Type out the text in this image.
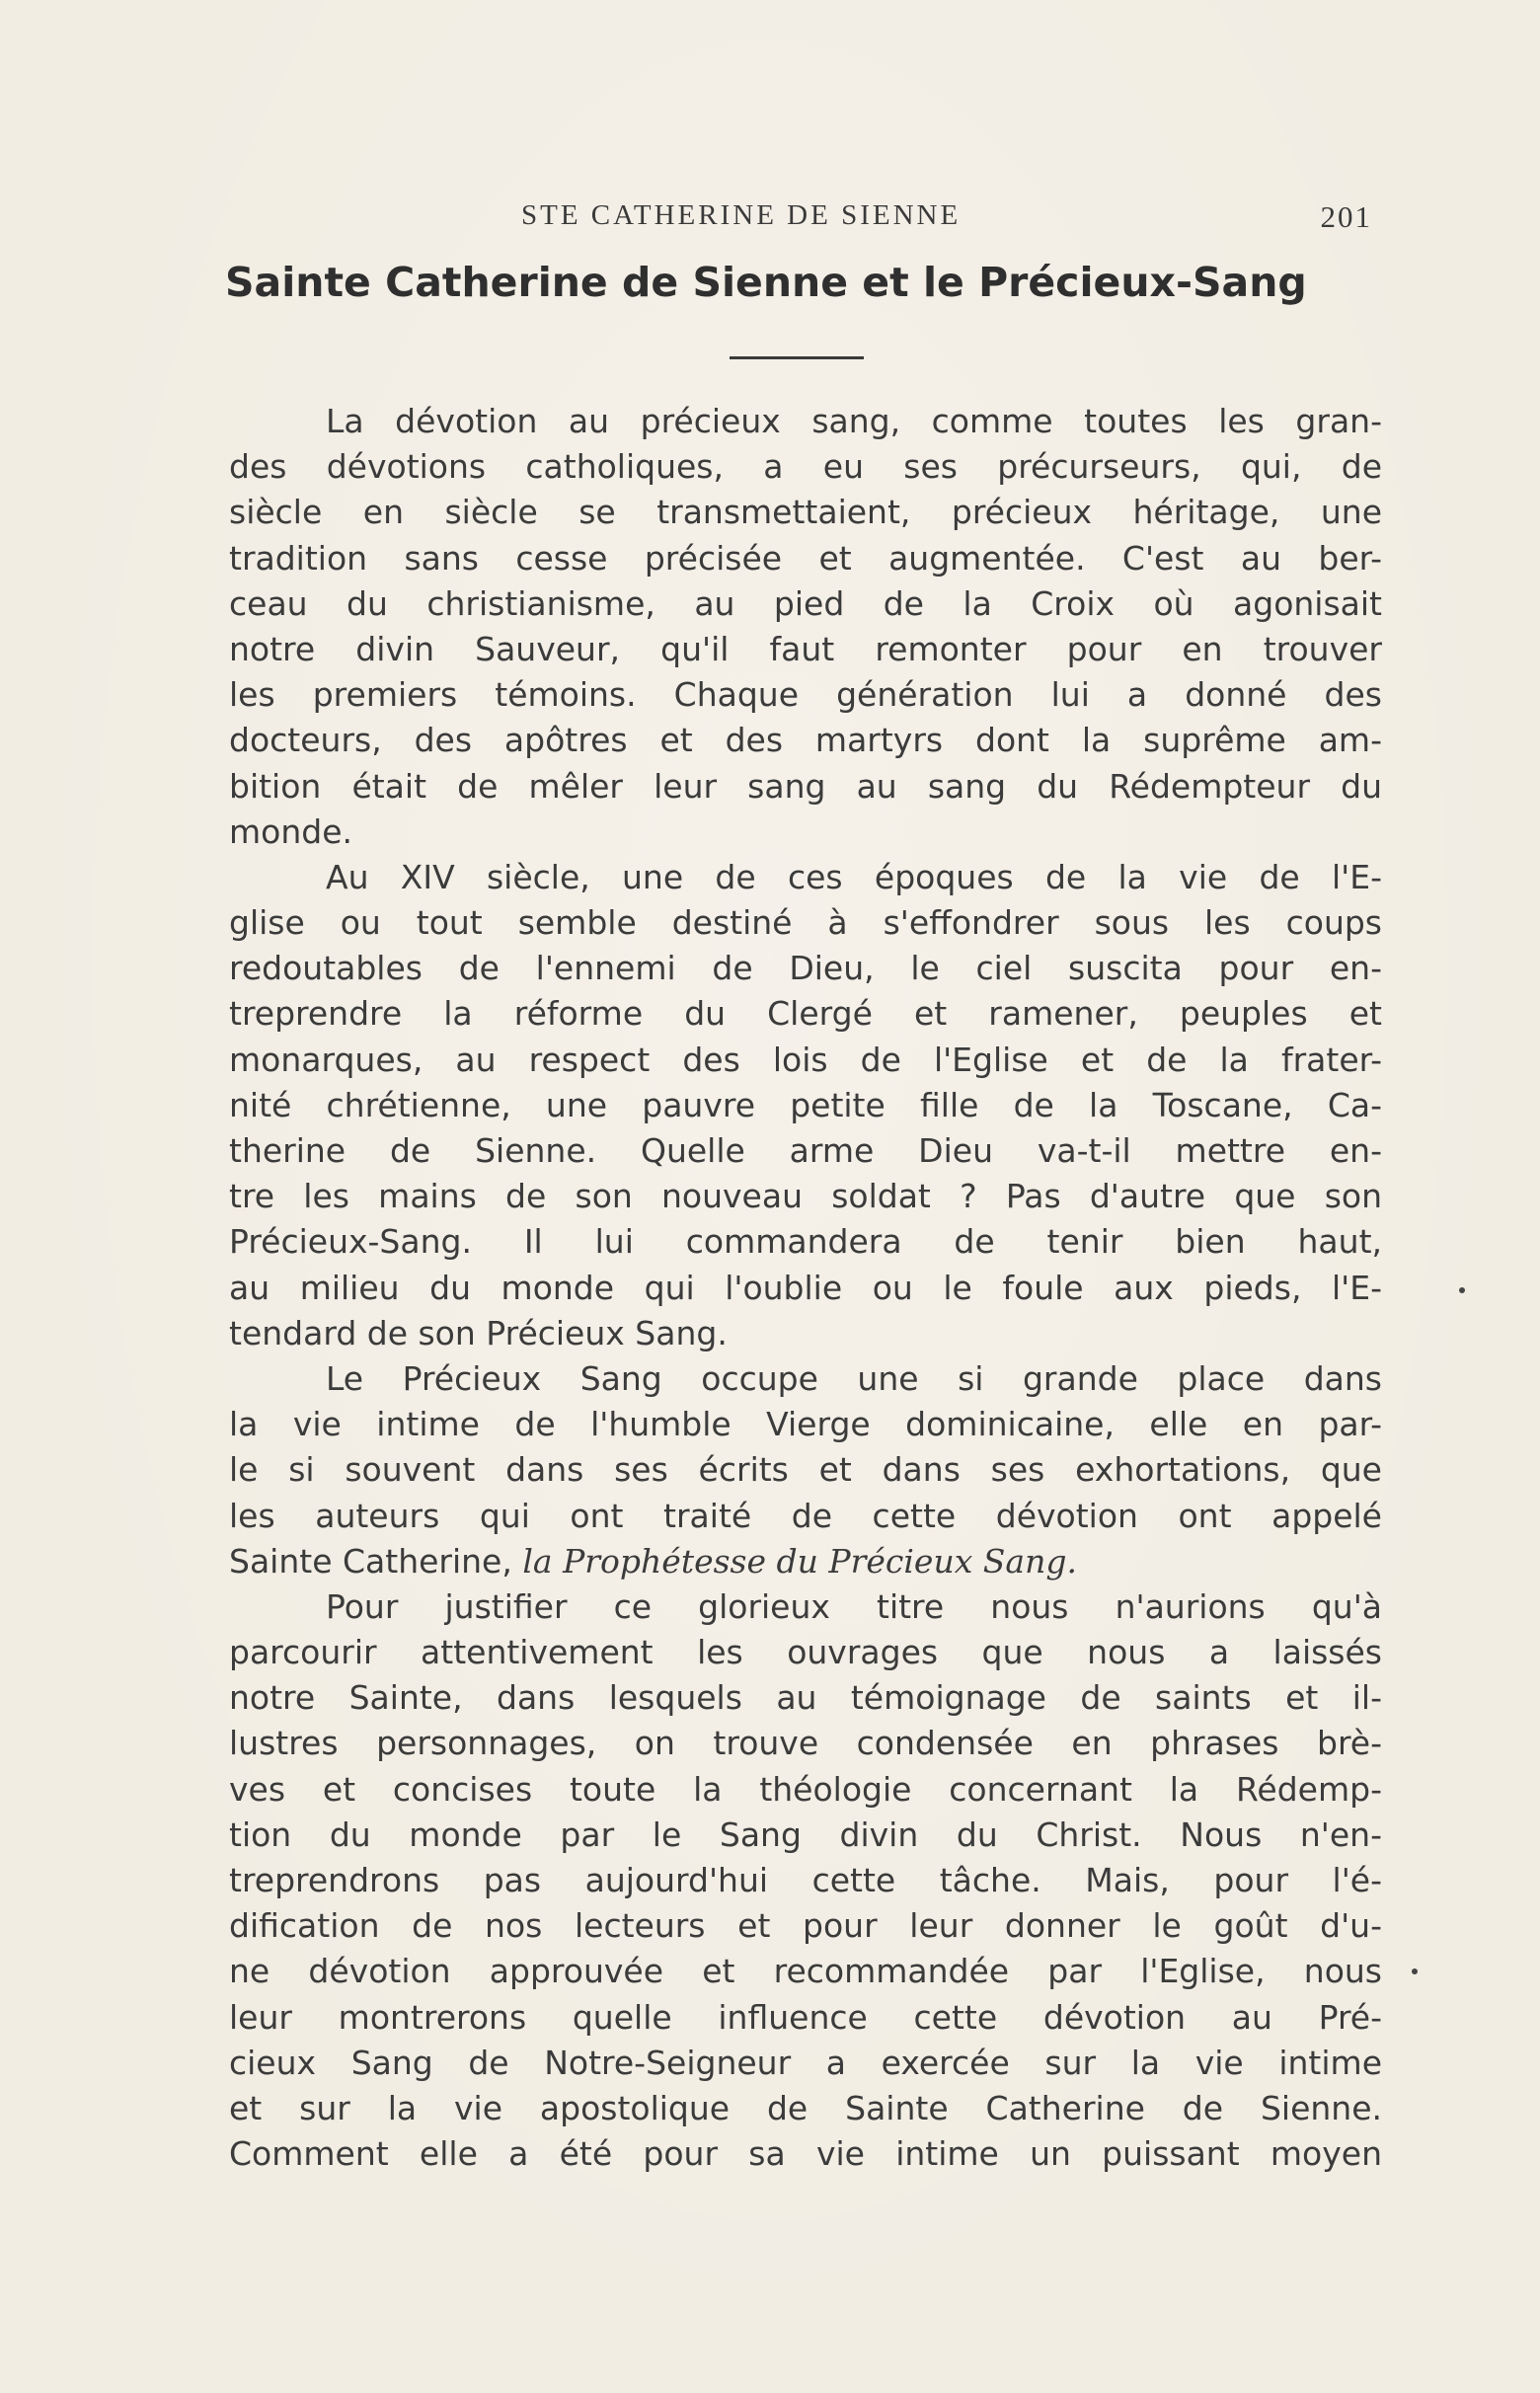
STE CATHERINE DE SIENNE	201
Sainte Catherine de Sienne et le Précieux-Sang
La dévotion au précieux sang, comme toutes les gran-
des dévotions catholiques, a eu ses précurseurs, qui, de
siècle en siècle se transmettaient, précieux héritage, une
tradition sans cesse précisée et augmentée. C'est au ber-
ceau du christianisme, au pied de la Croix où agonisait
notre divin Sauveur, qu'il faut remonter pour en trouver
les premiers témoins. Chaque génération lui a donné des
docteurs, des apôtres et des martyrs dont la suprême am-
bition était de mêler leur sang au sang du Rédempteur du
monde.
Au XIV siècle, une de ces époques de la vie de l'E-
glise ou tout semble destiné à s'effondrer sous les coups
redoutables de l'ennemi de Dieu, le ciel suscita pour en-
treprendre la réforme du Clergé et ramener, peuples et
monarques, au respect des lois de l'Eglise et de la frater-
nité chrétienne, une pauvre petite fille de la Toscane, Ca-
therine de Sienne. Quelle arme Dieu va-t-il mettre en-
tre les mains de son nouveau soldat ? Pas d'autre que son
Précieux-Sang. Il lui commandera de tenir bien haut,
au milieu du monde qui l'oublie ou le foule aux pieds, l'E-
tendard de son Précieux Sang.
Le Précieux Sang occupe une si grande place dans
la vie intime de l'humble Vierge dominicaine, elle en par-
le si souvent dans ses écrits et dans ses exhortations, que
les auteurs qui ont traité de cette dévotion ont appelé
Sainte Catherine, la Prophétesse du Précieux Sang.
Pour justifier ce glorieux titre nous n'aurions qu'à
parcourir attentivement les ouvrages que nous a laissés
notre Sainte, dans lesquels au témoignage de saints et il-
lustres personnages, on trouve condensée en phrases brè-
ves et concises toute la théologie concernant la Rédemp-
tion du monde par le Sang divin du Christ. Nous n'en-
treprendrons pas aujourd'hui cette tâche. Mais, pour l'é-
dification de nos lecteurs et pour leur donner le goût d'u-
ne dévotion approuvée et recommandée par l'Eglise, nous
leur montrerons quelle influence cette dévotion au Pré-
cieux Sang de Notre-Seigneur a exercée sur la vie intime
et sur la vie apostolique de Sainte Catherine de Sienne.
Comment elle a été pour sa vie intime un puissant moyen
